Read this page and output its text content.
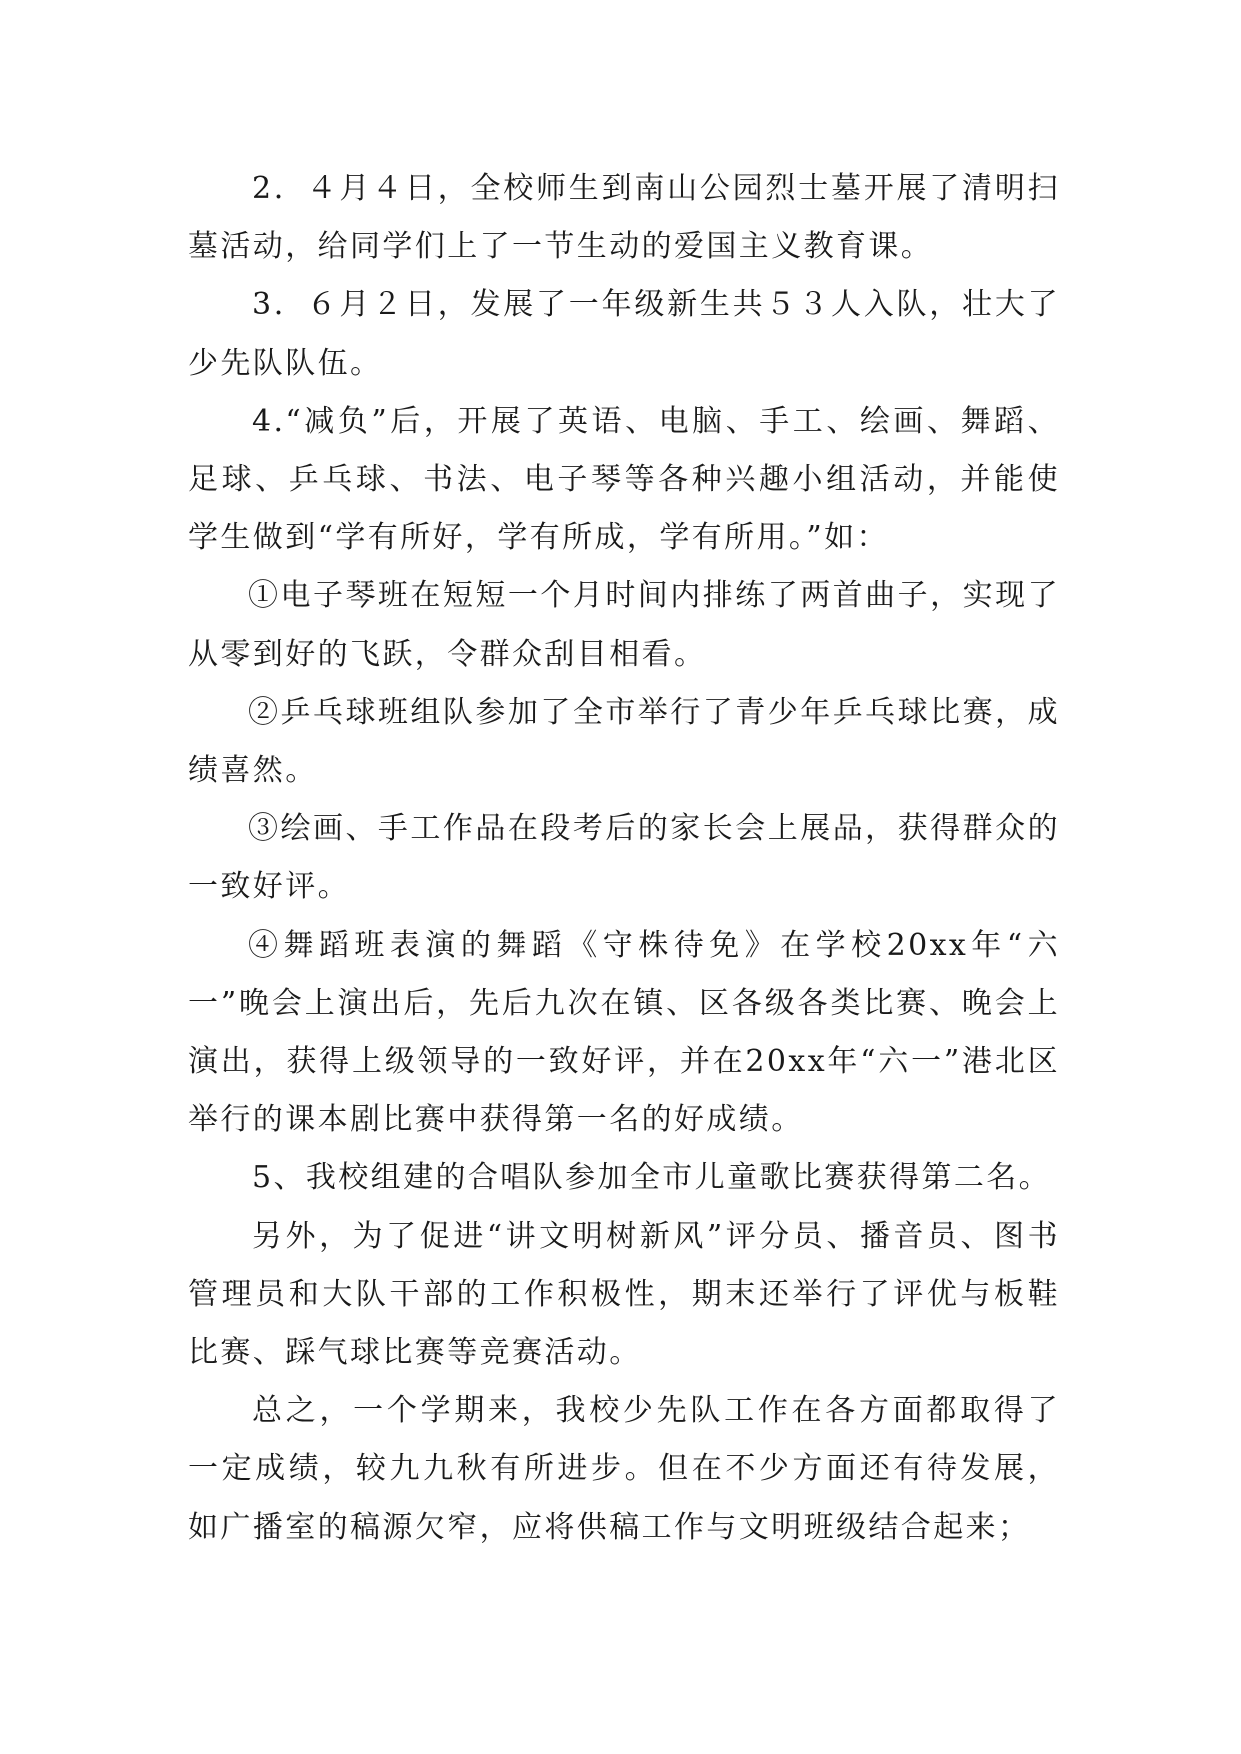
2．４月４日，全校师生到南山公园烈士墓开展了清明扫墓活动，给同学们上了一节生动的爱国主义教育课。

3．６月２日，发展了一年级新生共５３人入队，壮大了少先队队伍。

4.“减负”后，开展了英语、电脑、手工、绘画、舞蹈、足球、乒乓球、书法、电子琴等各种兴趣小组活动，并能使学生做到“学有所好，学有所成，学有所用。”如：

①电子琴班在短短一个月时间内排练了两首曲子，实现了从零到好的飞跃，令群众刮目相看。

②乒乓球班组队参加了全市举行了青少年乒乓球比赛，成绩喜然。

③绘画、手工作品在段考后的家长会上展品，获得群众的一致好评。

④舞蹈班表演的舞蹈《守株待免》在学校20xx年“六一”晚会上演出后，先后九次在镇、区各级各类比赛、晚会上演出，获得上级领导的一致好评，并在20xx年“六一”港北区举行的课本剧比赛中获得第一名的好成绩。

5、我校组建的合唱队参加全市儿童歌比赛获得第二名。

另外，为了促进“讲文明树新风”评分员、播音员、图书管理员和大队干部的工作积极性，期末还举行了评优与板鞋比赛、踩气球比赛等竞赛活动。

总之，一个学期来，我校少先队工作在各方面都取得了一定成绩，较九九秋有所进步。但在不少方面还有待发展，如广播室的稿源欠窄，应将供稿工作与文明班级结合起来；
